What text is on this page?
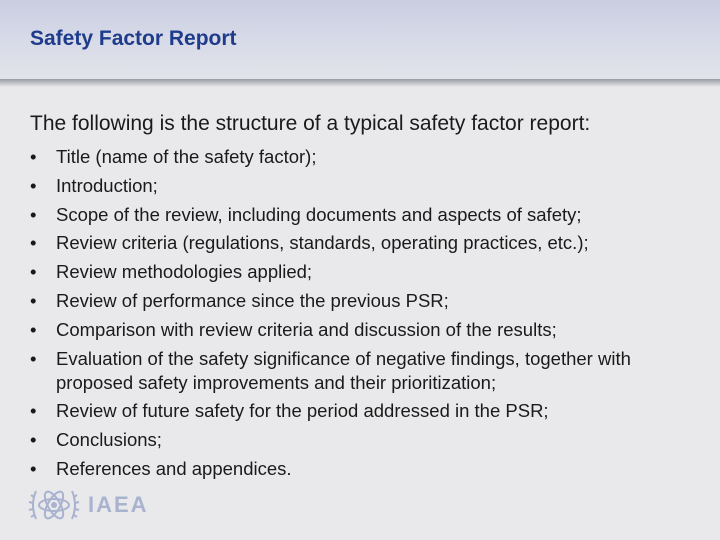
Safety Factor Report
The following is the structure of a typical safety factor report:
•	Title (name of the safety factor);
•	Introduction;
•	Scope of the review, including documents and aspects of safety;
•	Review criteria (regulations, standards, operating practices, etc.);
•	Review methodologies applied;
•	Review of performance since the previous PSR;
•	Comparison with review criteria and discussion of the results;
•	Evaluation of the safety significance of negative findings, together with proposed safety improvements and their prioritization;
•	Review of future safety for the period addressed in the PSR;
•	Conclusions;
•	References and appendices.
IAEA
